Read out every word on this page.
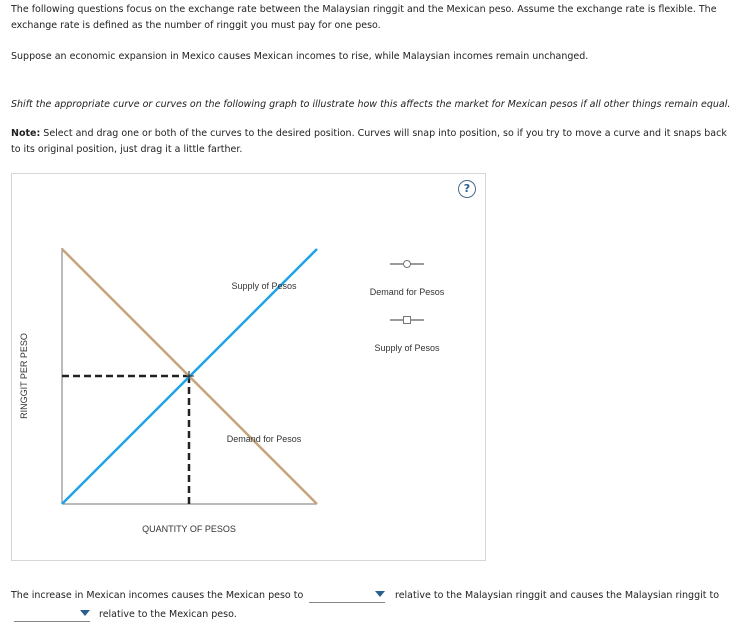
The following questions focus on the exchange rate between the Malaysian ringgit and the Mexican peso. Assume the exchange rate is flexible. The exchange rate is defined as the number of ringgit you must pay for one peso.

Suppose an economic expansion in Mexico causes Mexican incomes to rise, while Malaysian incomes remain unchanged.

Shift the appropriate curve or curves on the following graph to illustrate how this affects the market for Mexican pesos if all other things remain equal.

Note: Select and drag one or both of the curves to the desired position. Curves will snap into position, so if you try to move a curve and it snaps back to its original position, just drag it a little farther.

RINGGIT PER PESO
QUANTITY OF PESOS
Supply of Pesos
Demand for Pesos
Demand for Pesos
Supply of Pesos
?
The increase in Mexican incomes causes the Mexican peso to	relative to the Malaysian ringgit and causes the Malaysian ringgit to
relative to the Mexican peso.
